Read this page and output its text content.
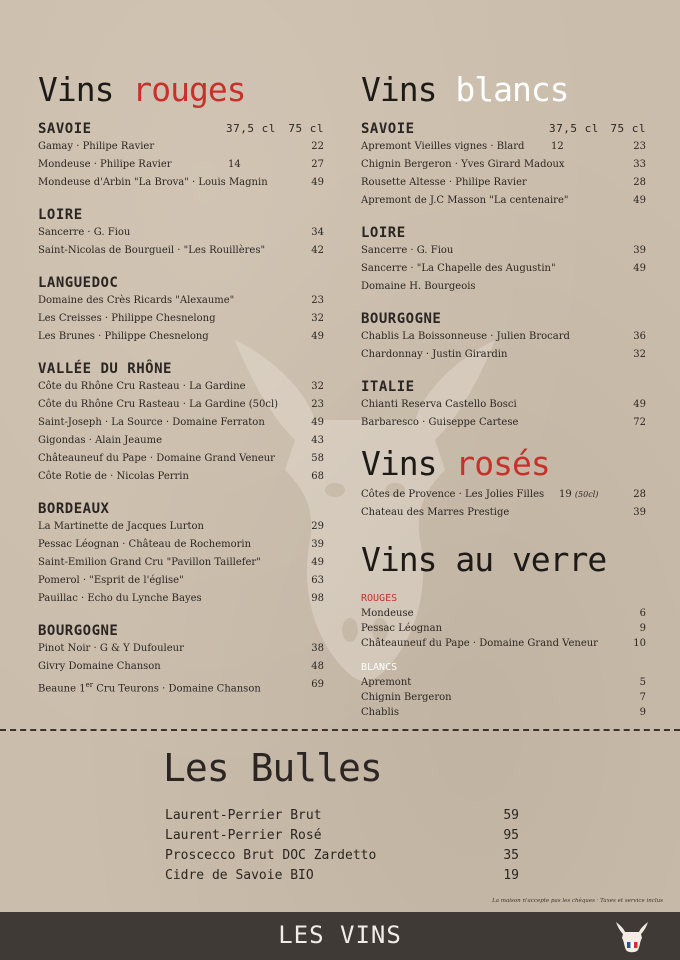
Vins rouges
SAVOIE	37,5 cl 75 cl
Gamay · Philipe Ravier	22
Mondeuse · Philipe Ravier	14	27
Mondeuse d'Arbin "La Brova" · Louis Magnin	49
LOIRE
Sancerre · G. Fiou	34
Saint-Nicolas de Bourgueil · "Les Rouillères"	42
LANGUEDOC
Domaine des Crès Ricards "Alexaume"	23
Les Creisses · Philippe Chesnelong	32
Les Brunes · Philippe Chesnelong	49
VALLÉE DU RHÔNE
Côte du Rhône Cru Rasteau · La Gardine	32
Côte du Rhône Cru Rasteau · La Gardine (50cl)	23
Saint-Joseph · La Source · Domaine Ferraton	49
Gigondas · Alain Jeaume	43
Châteauneuf du Pape · Domaine Grand Veneur	58
Côte Rotie de · Nicolas Perrin	68
BORDEAUX
La Martinette de Jacques Lurton	29
Pessac Léognan · Château de Rochemorin	39
Saint-Emilion Grand Cru "Pavillon Taillefer"	49
Pomerol · "Esprit de l'église"	63
Pauillac · Echo du Lynche Bayes	98
BOURGOGNE
Pinot Noir · G & Y Dufouleur	38
Givry Domaine Chanson	48
Beaune 1er Cru Teurons · Domaine Chanson	69
Vins blancs
SAVOIE	37,5 cl 75 cl
Apremont Vieilles vignes · Blard	12	23
Chignin Bergeron · Yves Girard Madoux	33
Rousette Altesse · Philipe Ravier	28
Apremont de J.C Masson "La centenaire"	49
LOIRE
Sancerre · G. Fiou	39
Sancerre · "La Chapelle des Augustin"	49
Domaine H. Bourgeois
BOURGOGNE
Chablis La Boissonneuse · Julien Brocard	36
Chardonnay · Justin Girardin	32
ITALIE
Chianti Reserva Castello Bosci	49
Barbaresco · Guiseppe Cartese	72
Vins rosés
Côtes de Provence · Les Jolies Filles 19 (50cl)	28
Chateau des Marres Prestige	39
Vins au verre
ROUGES
Mondeuse	6
Pessac Léognan	9
Châteauneuf du Pape · Domaine Grand Veneur	10
BLANCS
Apremont	5
Chignin Bergeron	7
Chablis	9
Les Bulles
Laurent-Perrier Brut	59
Laurent-Perrier Rosé	95
Proscecco Brut DOC Zardetto	35
Cidre de Savoie BIO	19
La maison n'accepte pas les chèques · Taxes et service inclus
LES VINS
